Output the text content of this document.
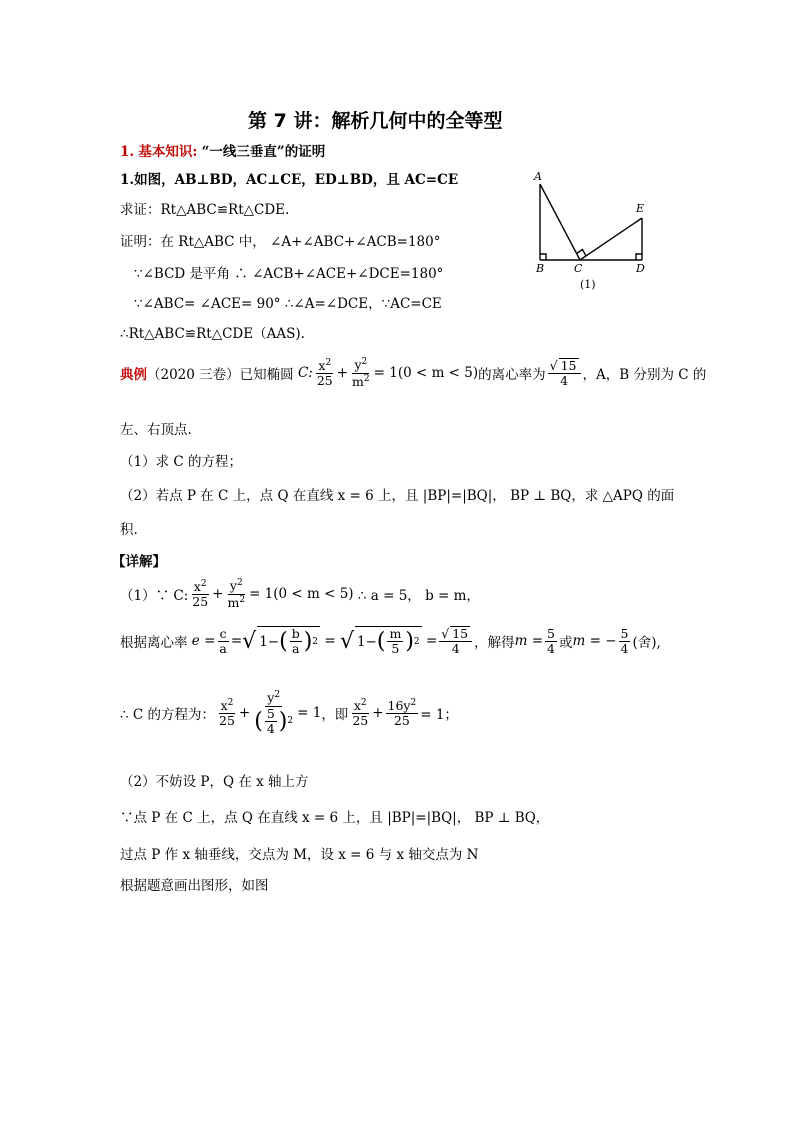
第 7 讲：解析几何中的全等型
1. 基本知识: “一线三垂直”的证明
1.如图，AB⊥BD，AC⊥CE，ED⊥BD，且 AC=CE
求证：Rt△ABC≌Rt△CDE.
证明：在 Rt△ABC 中， ∠A+∠ABC+∠ACB=180°
∵∠BCD 是平角 ∴ ∠ACB+∠ACE+∠DCE=180°
∵∠ABC= ∠ACE= 90° ∴∠A=∠DCE，∵AC=CE
∴Rt△ABC≌Rt△CDE（AAS).
A
E
B	C	D
(1)
典例 （2020 三卷）已知椭圆 C: $\frac{x^2}{25} + \frac{y^2}{m^2} = 1(0 < m < 5)$ 的离心率为 $\frac{√ 15}{4}$ ，A，B 分别为 C 的
左、右顶点.
（1）求 C 的方程；
（2）若点 P 在 C 上，点 Q 在直线 x = 6 上，且 |BP|=|BQ|， BP ⊥ BQ，求 △APQ 的面
积.
【详解】
（1）∵ C: $\frac{x^2}{25} + \frac{y^2}{m^2} = 1(0 < m < 5)$ ∴ a = 5， b = m，
根据离心率 $e = \frac{c}{a}$ = √ 1− ( $\frac{b}{a}$ ) 2 = √ 1− ( $\frac{m}{5}$ ) $2 = \frac{√ 15}{4}$ ，解得 $m = \frac{5}{4}$ 或 m = − $\frac{5}{4}$ (舍),
∴ C 的方程为： $\frac{x^2}{25} + \frac{y^2}{( \frac{5}{4} ) 2} = 1$ ，即 $\frac{x^2}{25} + \frac{16y^2}{25} = 1$；
（2）不妨设 P，Q 在 x 轴上方
∵点 P 在 C 上，点 Q 在直线 x = 6 上，且 |BP|=|BQ|， BP ⊥ BQ，
过点 P 作 x 轴垂线，交点为 M，设 x = 6 与 x 轴交点为 N
根据题意画出图形，如图
